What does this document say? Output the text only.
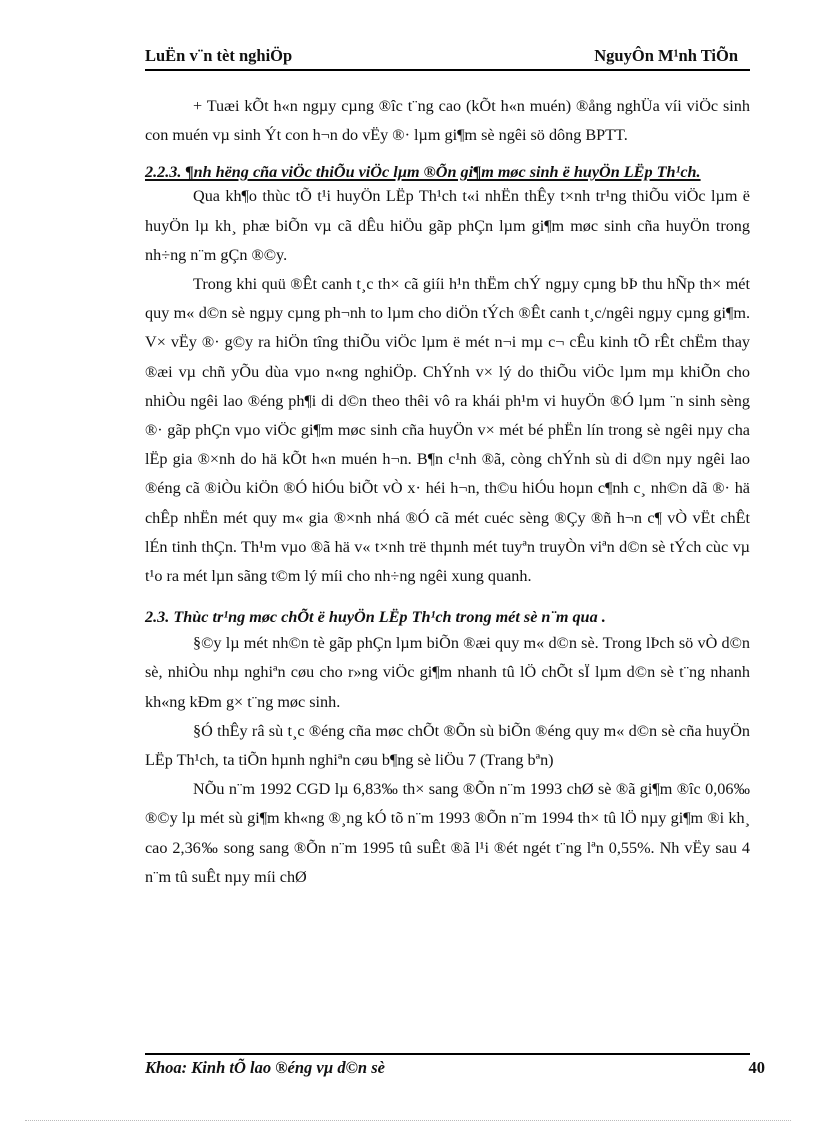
LuËn v¨n tèt nghiÖp	NguyÔn M¹nh TiÕn

+ Tuæi kÕt h«n ngµy cµng ®îc t¨ng cao (kÕt h«n muén) ®ång nghÜa víi viÖc sinh con muén vµ sinh Ýt con h¬n do vËy ®· lµm gi¶m sè ngêi sö dông BPTT.

2.2.3. ¶nh hëng cña viÖc thiÕu viÖc lµm ®Õn gi¶m møc sinh ë huyÖn LËp Th¹ch.

Qua kh¶o thùc tÕ t¹i huyÖn LËp Th¹ch t«i nhËn thÊy t×nh tr¹ng thiÕu viÖc lµm ë huyÖn lµ kh¸ phæ biÕn vµ cã dÊu hiÖu gãp phÇn lµm gi¶m møc sinh cña huyÖn trong nh÷ng n¨m gÇn ®©y.

Trong khi quü ®Êt canh t¸c th× cã giíi h¹n thËm chÝ ngµy cµng bÞ thu hÑp th× mét quy m« d©n sè ngµy cµng ph¬nh to lµm cho diÖn tÝch ®Êt canh t¸c/ngêi ngµy cµng gi¶m. V× vËy ®· g©y ra hiÖn tîng thiÕu viÖc lµm ë mét n¬i mµ c¬ cÊu kinh tÕ rÊt chËm thay ®æi vµ chñ yÕu dùa vµo n«ng nghiÖp. ChÝnh v× lý do thiÕu viÖc lµm mµ khiÕn cho nhiÒu ngêi lao ®éng ph¶i di d©n theo thêi vô ra khái ph¹m vi huyÖn ®Ó lµm ¨n sinh sèng ®· gãp phÇn vµo viÖc gi¶m møc sinh cña huyÖn v× mét bé phËn lín trong sè ngêi nµy cha lËp gia ®×nh do hä kÕt h«n muén h¬n. B¶n c¹nh ®ã, còng chÝnh sù di d©n nµy ngêi lao ®éng cã ®iÒu kiÖn ®Ó hiÓu biÕt vÒ x· héi h¬n, th©u hiÓu hoµn c¶nh c¸ nh©n dã ®· hä chÊp nhËn mét quy m« gia ®×nh nhá ®Ó cã mét cuéc sèng ®Çy ®ñ h¬n c¶ vÒ vËt chÊt lÉn tinh thÇn. Th¹m vµo ®ã hä v« t×nh trë thµnh mét tuyªn truyÒn viªn d©n sè tÝch cùc vµ t¹o ra mét lµn sãng t©m lý míi cho nh÷ng ngêi xung quanh.

2.3. Thùc tr¹ng møc chÕt ë huyÖn LËp Th¹ch trong mét sè n¨m qua .

§©y lµ mét nh©n tè gãp phÇn lµm biÕn ®æi quy m« d©n sè. Trong lÞch sö vÒ d©n sè, nhiÒu nhµ nghiªn cøu cho r»ng viÖc gi¶m nhanh tû lÖ chÕt sÏ lµm d©n sè t¨ng nhanh kh«ng kÐm g× t¨ng møc sinh.

§Ó thÊy râ sù t¸c ®éng cña møc chÕt ®Õn sù biÕn ®éng quy m« d©n sè cña huyÖn LËp Th¹ch, ta tiÕn hµnh nghiªn cøu b¶ng sè liÖu 7 (Trang bªn)

NÕu n¨m 1992 CGD lµ 6,83‰ th× sang ®Õn n¨m 1993 chØ sè ®ã gi¶m ®îc 0,06‰ ®©y lµ mét sù gi¶m kh«ng ®¸ng kÓ tõ n¨m 1993 ®Õn n¨m 1994 th× tû lÖ nµy gi¶m ®i kh¸ cao 2,36‰ song sang ®Õn n¨m 1995 tû suÊt ®ã l¹i ®ét ngét t¨ng lªn 0,55%. Nh vËy sau 4 n¨m tû suÊt nµy míi chØ

Khoa: Kinh tÕ lao ®éng vµ d©n sè	40
